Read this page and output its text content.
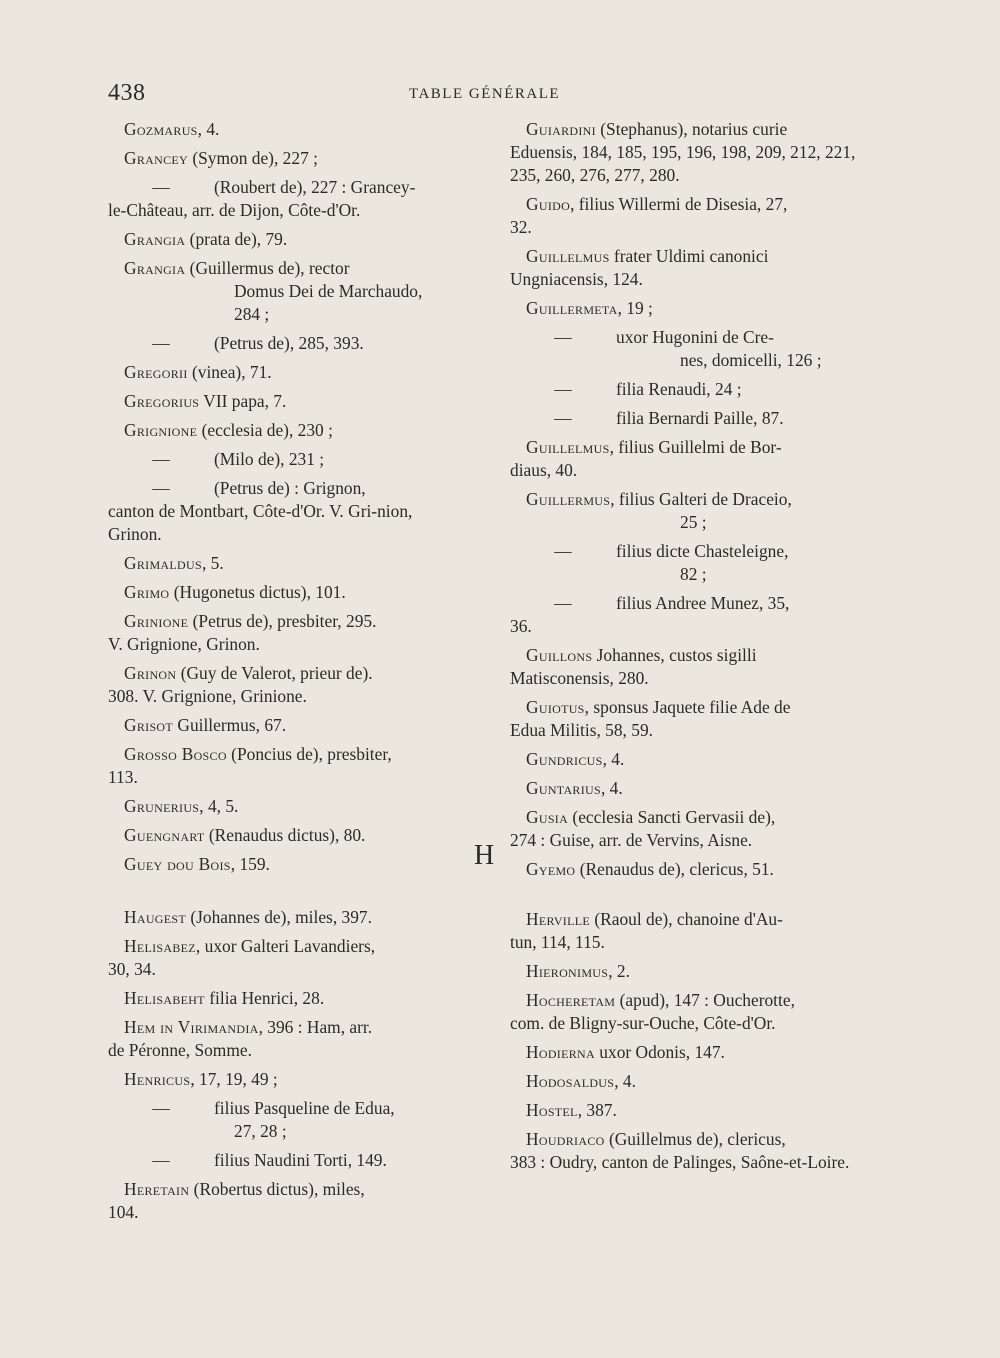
438	TABLE GÉNÉRALE
Gozmarus, 4.
Grancey (Symon de), 227 ;
—	(Roubert de), 227 : Grancey-
le-Château, arr. de Dijon, Côte-d'Or.
Grangia (prata de), 79.
Grangia (Guillermus de), rector
Domus Dei de Marchaudo,
284 ;
—	(Petrus de), 285, 393.
Gregorii (vinea), 71.
Gregorius VII papa, 7.
Grignione (ecclesia de), 230 ;
—	(Milo de), 231 ;
—	(Petrus de) : Grignon,
canton de Montbart, Côte-d'Or. V. Gri-nion, Grinon.
Grimaldus, 5.
Grimo (Hugonetus dictus), 101.
Grinione (Petrus de), presbiter, 295.
V. Grignione, Grinon.
Grinon (Guy de Valerot, prieur de).
308. V. Grignione, Grinione.
Grisot Guillermus, 67.
Grosso Bosco (Poncius de), presbiter,
113.
Grunerius, 4, 5.
Guengnart (Renaudus dictus), 80.
Guey dou Bois, 159.
Guiardini (Stephanus), notarius curie
Eduensis, 184, 185, 195, 196, 198, 209, 212, 221, 235, 260, 276, 277, 280.
Guido, filius Willermi de Disesia, 27,
32.
Guillelmus frater Uldimi canonici
Ungniacensis, 124.
Guillermeta, 19 ;
—	uxor Hugonini de Cre-
nes, domicelli, 126 ;
—	filia Renaudi, 24 ;
—	filia Bernardi Paille, 87.
Guillelmus, filius Guillelmi de Bor-
diaus, 40.
Guillermus, filius Galteri de Draceio,
25 ;
—	filius dicte Chasteleigne,
82 ;
—	filius Andree Munez, 35,
36.
Guillons Johannes, custos sigilli
Matisconensis, 280.
Guiotus, sponsus Jaquete filie Ade de
Edua Militis, 58, 59.
Gundricus, 4.
Guntarius, 4.
Gusia (ecclesia Sancti Gervasii de),
274 : Guise, arr. de Vervins, Aisne.
Gyemo (Renaudus de), clericus, 51.
H
Haugest (Johannes de), miles, 397.
Helisabez, uxor Galteri Lavandiers,
30, 34.
Helisabeht filia Henrici, 28.
Hem in Virimandia, 396 : Ham, arr.
de Péronne, Somme.
Henricus, 17, 19, 49 ;
—	filius Pasqueline de Edua,
27, 28 ;
—	filius Naudini Torti, 149.
Heretain (Robertus dictus), miles,
104.
Herville (Raoul de), chanoine d'Au-
tun, 114, 115.
Hieronimus, 2.
Hocheretam (apud), 147 : Oucherotte,
com. de Bligny-sur-Ouche, Côte-d'Or.
Hodierna uxor Odonis, 147.
Hodosaldus, 4.
Hostel, 387.
Houdriaco (Guillelmus de), clericus,
383 : Oudry, canton de Palinges, Saône-et-Loire.
